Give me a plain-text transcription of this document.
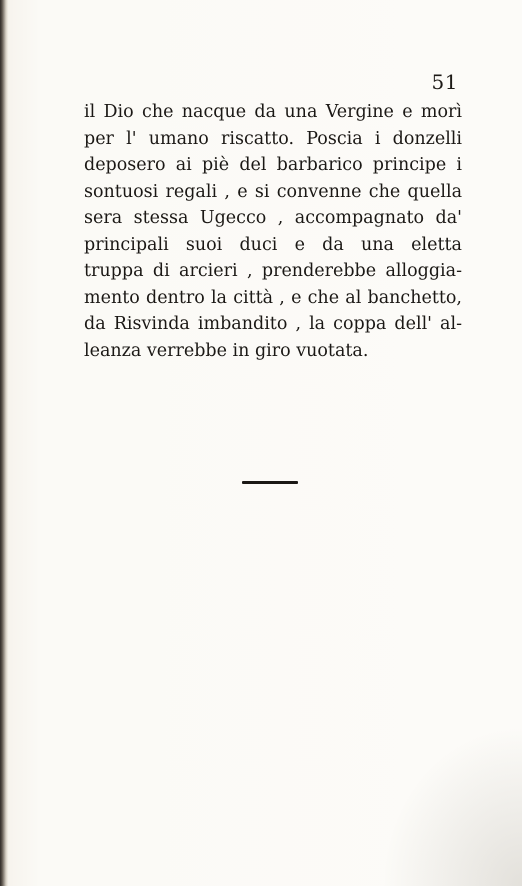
51
il Dio che nacque da una Vergine e morì
per l' umano riscatto. Poscia i donzelli
deposero ai piè del barbarico principe i
sontuosi regali , e si convenne che quella
sera stessa Ugecco , accompagnato da'
principali suoi duci e da una eletta
truppa di arcieri , prenderebbe alloggia-
mento dentro la città , e che al banchetto,
da Risvinda imbandito , la coppa dell' al-
leanza verrebbe in giro vuotata.
